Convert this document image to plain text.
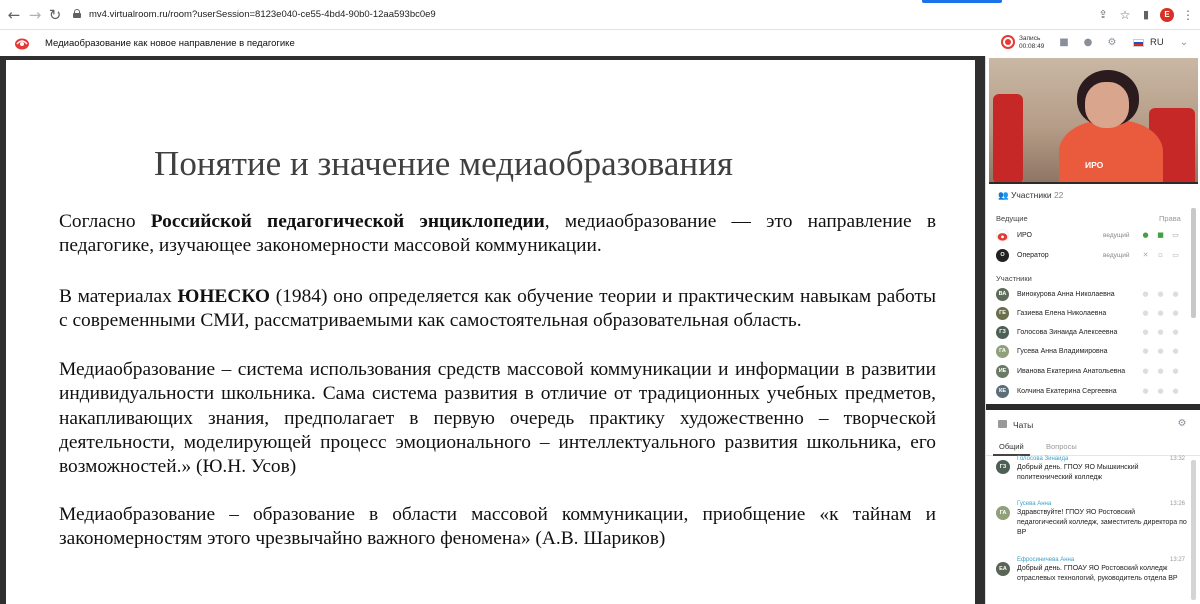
← → ↻	mv4.virtualroom.ru/room?userSession=8123e040-ce55-4bd4-90b0-12aa593bc0e9	⇪ ☆	▮	E	⋮
Медиаобразование как новое направление в педагогике	Запись
00:08:49 ■ ● ⚙	RU ⌄
Понятие и значение медиаобразования
Согласно Российской педагогической энциклопедии, медиаобразование — это направление в педагогике, изучающее закономерности массовой коммуникации.
В материалах ЮНЕСКО (1984) оно определяется как обучение теории и практическим навыкам работы с современными СМИ, рассматриваемыми как самостоятельная образовательная область.
Медиаобразование – система использования средств массовой коммуникации и информации в развитии индивидуальности школьника. Сама система развития в отличие от традиционных учебных предметов, накапливающих знания, предполагает в первую очередь практику художественно – творческой деятельности, моделирующей процесс эмоционального – интеллектуального развития школьника, его возможностей.» (Ю.Н. Усов)
Медиаобразование – образование в области массовой коммуникации, приобщение «к тайнам и закономерностям этого чрезвычайно важного феномена» (А.В. Шариков)
ИРО
👥 Участники 22
Ведущие	Права
ИРО	ведущий ● ■ ▭
О	Оператор	ведущий ✕	▫	▭
Участники
ВА	Винокурова Анна Николаевна	● ● ●
ГЕ	Газиева Елена Николаевна	● ● ●
ГЗ	Голосова Зинаида Алексеевна	● ● ●
ГА	Гусева Анна Владимировна	● ● ●
ИЕ	Иванова Екатерина Анатольевна ● ● ●
КЕ	Колчина Екатерина Сергеевна	● ● ●
Чаты	⚙
Общий	Вопросы
ГЗ
Голосова Зинаида	13:32
Добрый день. ГПОУ ЯО Мышкинский политехнический колледж
ГА
Гусева Анна	13:26
Здравствуйте! ГПОУ ЯО Ростовский педагогический колледж, заместитель директора по ВР
ЕА
Ефросиничева Анна	13:27
Добрый день. ГПОАУ ЯО Ростовский колледж отраслевых технологий, руководитель отдела ВР
